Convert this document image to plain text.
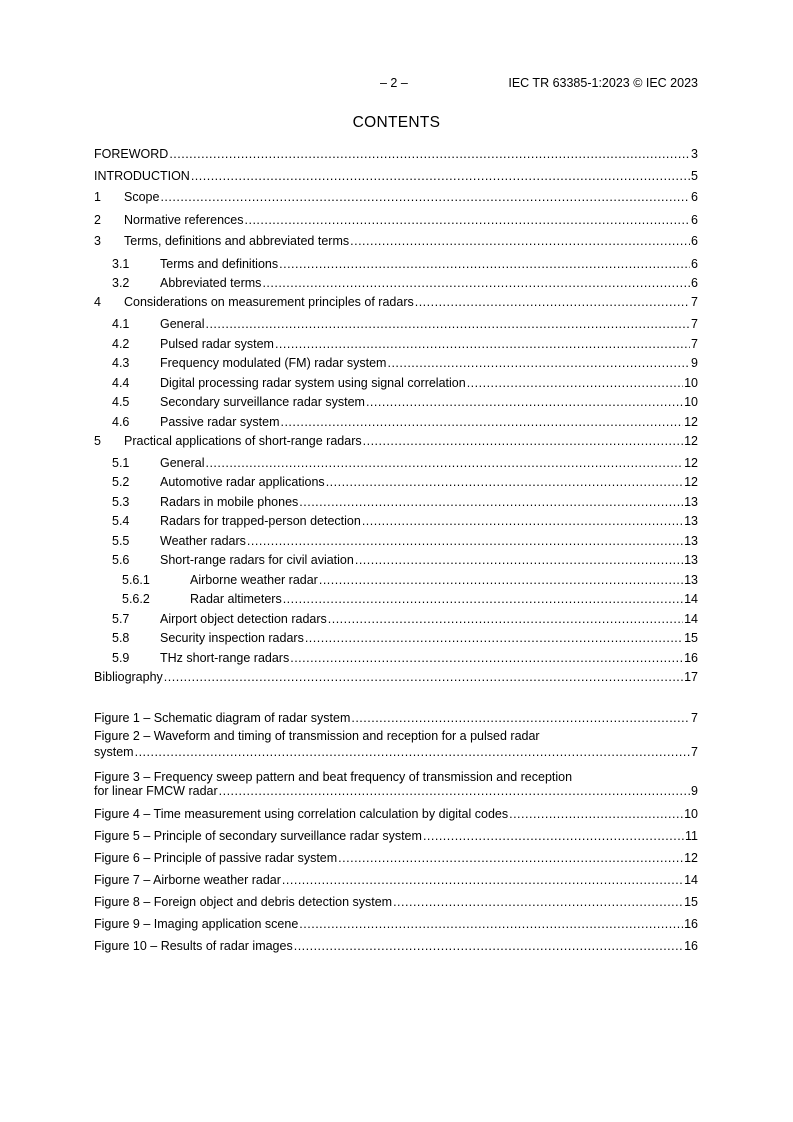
– 2 –	IEC TR 63385-1:2023 © IEC 2023
CONTENTS
FOREWORD .....	3
INTRODUCTION .....	5
1	Scope .....	6
2	Normative references .....	6
3	Terms, definitions and abbreviated terms .....	6
3.1	Terms and definitions .....	6
3.2	Abbreviated terms .....	6
4	Considerations on measurement principles of radars .....	7
4.1	General .....	7
4.2	Pulsed radar system .....	7
4.3	Frequency modulated (FM) radar system .....	9
4.4	Digital processing radar system using signal correlation .....	10
4.5	Secondary surveillance radar system .....	10
4.6	Passive radar system .....	12
5	Practical applications of short-range radars .....	12
5.1	General .....	12
5.2	Automotive radar applications .....	12
5.3	Radars in mobile phones .....	13
5.4	Radars for trapped-person detection .....	13
5.5	Weather radars .....	13
5.6	Short-range radars for civil aviation .....	13
5.6.1	Airborne weather radar .....	13
5.6.2	Radar altimeters .....	14
5.7	Airport object detection radars .....	14
5.8	Security inspection radars .....	15
5.9	THz short-range radars .....	16
Bibliography .....	17
Figure 1 – Schematic diagram of radar system .....	7
Figure 2 – Waveform and timing of transmission and reception for a pulsed radar
system .....	7
Figure 3 – Frequency sweep pattern and beat frequency of transmission and reception
for linear FMCW radar .....	9
Figure 4 – Time measurement using correlation calculation by digital codes .....	10
Figure 5 – Principle of secondary surveillance radar system .....	11
Figure 6 – Principle of passive radar system .....	12
Figure 7 – Airborne weather radar .....	14
Figure 8 – Foreign object and debris detection system .....	15
Figure 9 – Imaging application scene .....	16
Figure 10 – Results of radar images .....	16
